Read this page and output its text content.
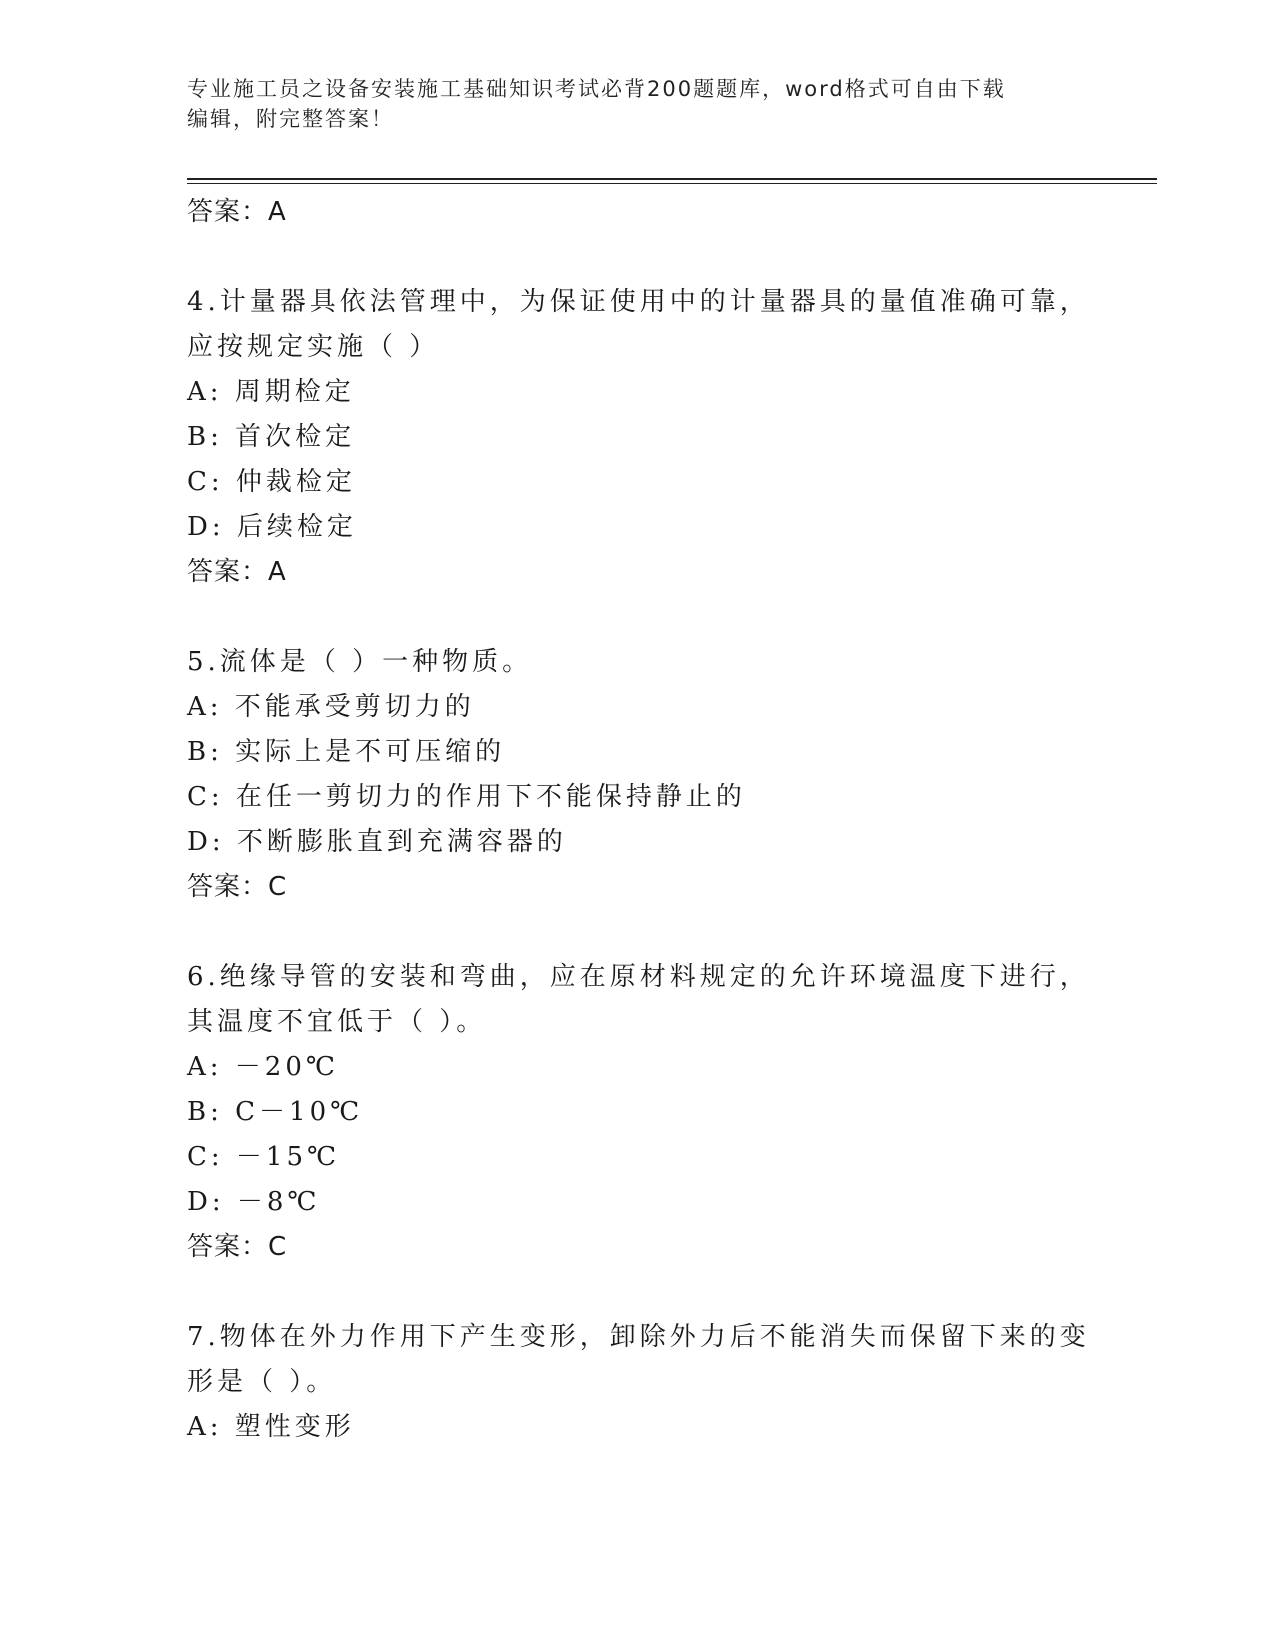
专业施工员之设备安装施工基础知识考试必背200题题库，word格式可自由下载
编辑，附完整答案！
答案：A
4.计量器具依法管理中，为保证使用中的计量器具的量值准确可靠，
应按规定实施（ ）
A: 周期检定
B: 首次检定
C: 仲裁检定
D: 后续检定
答案：A
5.流体是（ ）一种物质。
A: 不能承受剪切力的
B: 实际上是不可压缩的
C: 在任一剪切力的作用下不能保持静止的
D: 不断膨胀直到充满容器的
答案：C
6.绝缘导管的安装和弯曲，应在原材料规定的允许环境温度下进行，
其温度不宜低于（ ）。
A: －20℃
B: C－10℃
C: －15℃
D: －8℃
答案：C
7.物体在外力作用下产生变形，卸除外力后不能消失而保留下来的变
形是（ ）。
A: 塑性变形
